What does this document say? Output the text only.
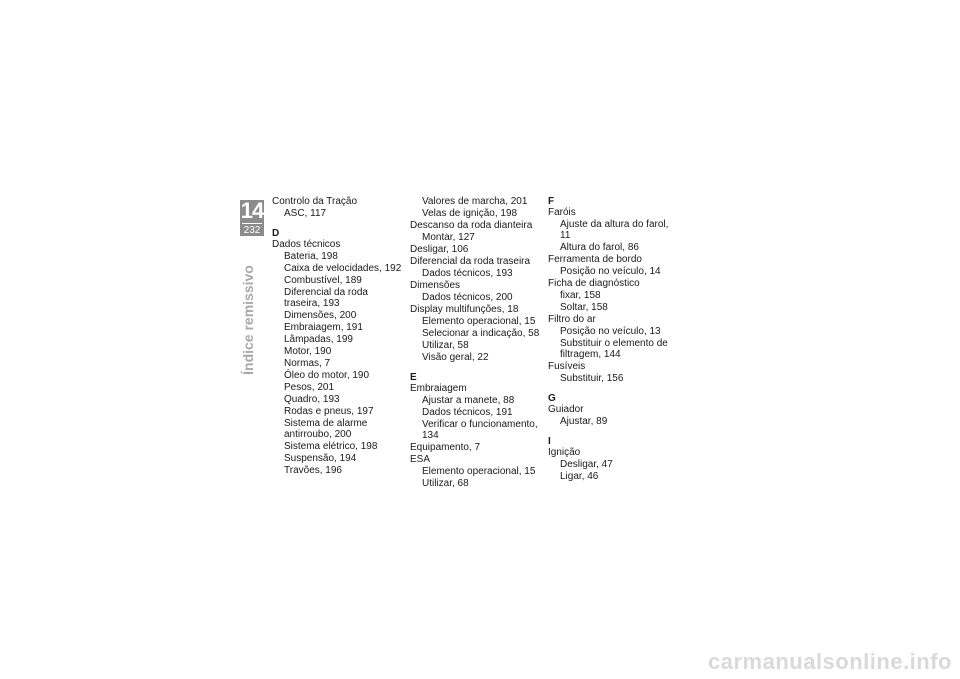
14
232
Índice remissivo
Controlo da Tração
ASC, 117
D
Dados técnicos
Bateria, 198
Caixa de velocidades, 192
Combustível, 189
Diferencial da roda traseira, 193
Dimensões, 200
Embraiagem, 191
Lâmpadas, 199
Motor, 190
Normas, 7
Óleo do motor, 190
Pesos, 201
Quadro, 193
Rodas e pneus, 197
Sistema de alarme antirroubo, 200
Sistema elétrico, 198
Suspensão, 194
Travões, 196
Valores de marcha, 201
Velas de ignição, 198
Descanso da roda dianteira
Montar, 127
Desligar, 106
Diferencial da roda traseira
Dados técnicos, 193
Dimensões
Dados técnicos, 200
Display multifunções, 18
Elemento operacional, 15
Selecionar a indicação, 58
Utilizar, 58
Visão geral, 22
E
Embraiagem
Ajustar a manete, 88
Dados técnicos, 191
Verificar o funcionamento, 134
Equipamento, 7
ESA
Elemento operacional, 15
Utilizar, 68
F
Faróis
Ajuste da altura do farol, 11
Altura do farol, 86
Ferramenta de bordo
Posição no veículo, 14
Ficha de diagnóstico
fixar, 158
Soltar, 158
Filtro do ar
Posição no veículo, 13
Substituir o elemento de filtragem, 144
Fusíveis
Substituir, 156
G
Guiador
Ajustar, 89
I
Ignição
Desligar, 47
Ligar, 46
carmanualsonline.info
